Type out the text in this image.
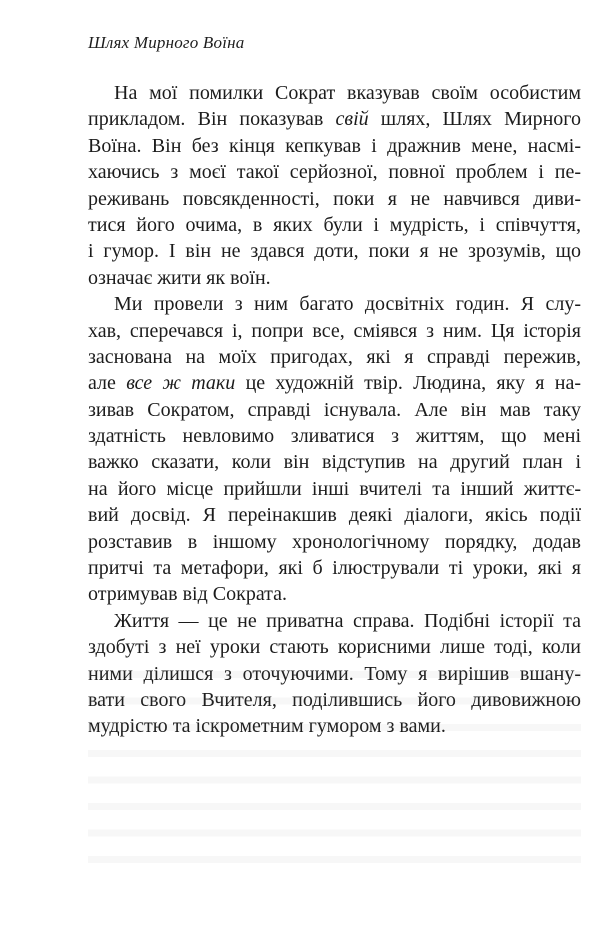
Шлях Мирного Воїна
На мої помилки Сократ вказував своїм особистим
прикладом. Він показував свій шлях, Шлях Мирного
Воїна. Він без кінця кепкував і дражнив мене, насмі-
хаючись з моєї такої серйозної, повної проблем і пе-
реживань повсякденності, поки я не навчився диви-
тися його очима, в яких були і мудрість, і співчуття,
і гумор. І він не здався доти, поки я не зрозумів, що
означає жити як воїн.
Ми провели з ним багато досвітніх годин. Я слу-
хав, сперечався і, попри все, сміявся з ним. Ця історія
заснована на моїх пригодах, які я справді пережив,
але все ж таки це художній твір. Людина, яку я на-
зивав Сократом, справді існувала. Але він мав таку
здатність невловимо зливатися з життям, що мені
важко сказати, коли він відступив на другий план і
на його місце прийшли інші вчителі та інший життє-
вий досвід. Я переінакшив деякі діалоги, якісь події
розставив в іншому хронологічному порядку, додав
притчі та метафори, які б ілюстрували ті уроки, які я
отримував від Сократа.
Життя — це не приватна справа. Подібні історії та
здобуті з неї уроки стають корисними лише тоді, коли
ними ділишся з оточуючими. Тому я вирішив вшану-
вати свого Вчителя, поділившись його дивовижною
мудрістю та іскрометним гумором з вами.
